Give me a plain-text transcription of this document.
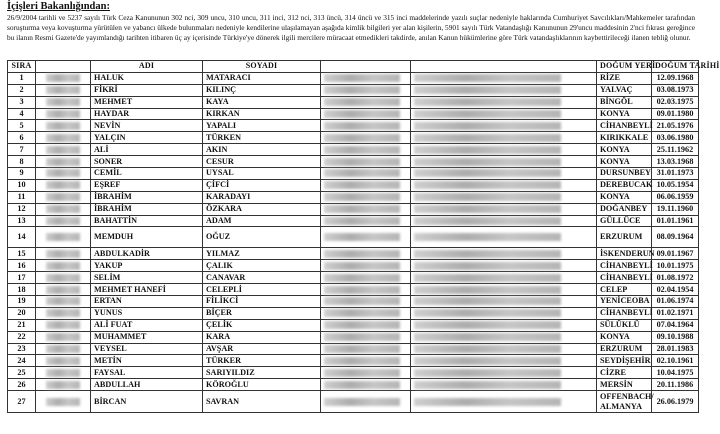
İçişleri Bakanlığından:

26/9/2004 tarihli ve 5237 sayılı Türk Ceza Kanununun 302 nci, 309 uncu, 310 uncu, 311 inci, 312 nci, 313 üncü, 314 üncü ve 315 inci maddelerinde yazılı suçlar nedeniyle haklarında Cumhuriyet Savcılıkları/Mahkemeler tarafından soruşturma veya kovuşturma yürütülen ve yabancı ülkede bulunmaları nedeniyle kendilerine ulaşılamayan aşağıda kimlik bilgileri yer alan kişilerin, 5901 sayılı Türk Vatandaşlığı Kanununun 29'uncu maddesinin 2'nci fıkrası gereğince bu ilanın Resmi Gazete'de yayımlandığı tarihten itibaren üç ay içerisinde Türkiye'ye dönerek ilgili mercilere müracaat etmedikleri takdirde, anılan Kanun hükümlerine göre Türk vatandaşlıklarının kaybettirileceği ilanen tebliğ olunur.

SIRA		ADI	SOYADI			DOĞUM YERİ	DOĞUM TARİHİ
1		HALUK	MATARACI			RİZE	12.09.1968
2		FİKRİ	KILINÇ			YALVAÇ	03.08.1973
3		MEHMET	KAYA			BİNGÖL	02.03.1975
4		HAYDAR	KIRKAN			KONYA	09.01.1980
5		NEVİN	YAPALI			CİHANBEYLİ	21.05.1976
6		YALÇIN	TÜRKEN			KIRIKKALE	03.06.1980
7		ALİ	AKIN			KONYA	25.11.1962
8		SONER	CESUR			KONYA	13.03.1968
9		CEMİL	UYSAL			DURSUNBEY	31.01.1973
10		EŞREF	ÇİFCİ			DEREBUCAK	10.05.1954
11		İBRAHİM	KARADAYI			KONYA	06.06.1959
12		İBRAHİM	ÖZKARA			DOĞANBEY	19.11.1960
13		BAHATTİN	ADAM			GÜLLÜCE	01.01.1961
14		MEMDUH	OĞUZ			ERZURUM	08.09.1964
15		ABDULKADİR	YILMAZ			İSKENDERUN	09.01.1967
16		YAKUP	ÇALIK			CİHANBEYLİ	10.01.1975
17		SELİM	CANAVAR			CİHANBEYLİ	01.08.1972
18		MEHMET HANEFİ	CELEPLİ			CELEP	02.04.1954
19		ERTAN	FİLİKCİ			YENİCEOBA	01.06.1974
20		YUNUS	BİÇER			CİHANBEYLİ	01.02.1971
21		ALİ FUAT	ÇELİK			SÜLÜKLÜ	07.04.1964
22		MUHAMMET	KARA			KONYA	09.10.1988
23		VEYSEL	AVŞAR			ERZURUM	28.01.1983
24		METİN	TÜRKER			SEYDİŞEHİR	02.10.1961
25		FAYSAL	SARIYILDIZ			CİZRE	10.04.1975
26		ABDULLAH	KÖROĞLU			MERSİN	20.11.1986
27		BİRCAN	SAVRAN			OFFENBACH/ ALMANYA	26.06.1979
